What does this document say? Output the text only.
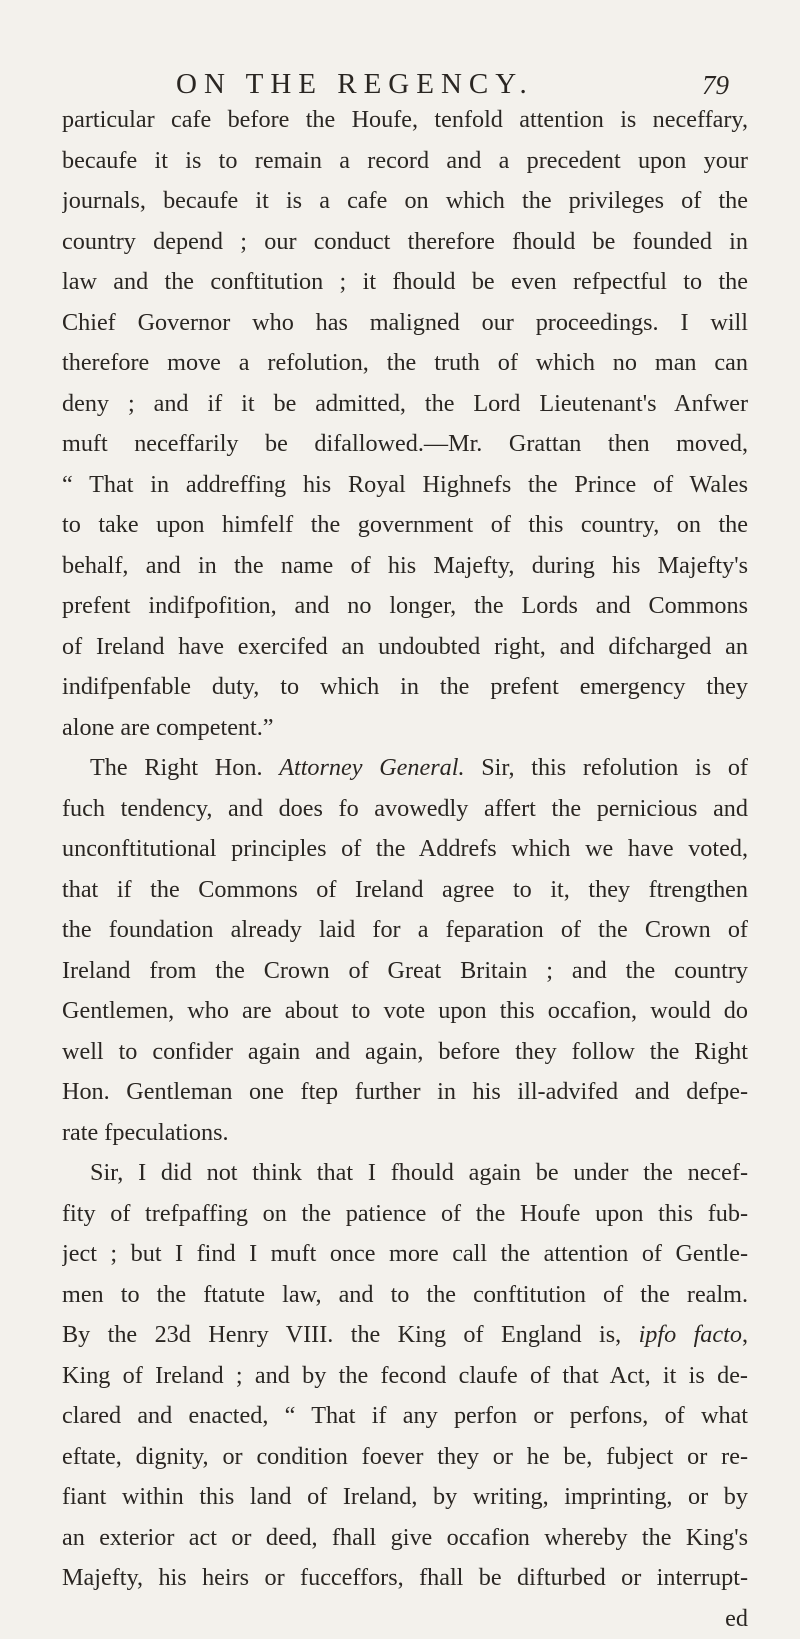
ON THE REGENCY.	79
particular cafe before the Houfe, tenfold attention is neceffary,
becaufe it is to remain a record and a precedent upon your
journals, becaufe it is a cafe on which the privileges of the
country depend ; our conduct therefore fhould be founded in
law and the conftitution ; it fhould be even refpectful to the
Chief Governor who has maligned our proceedings. I will
therefore move a refolution, the truth of which no man can
deny ; and if it be admitted, the Lord Lieutenant's Anfwer
muft neceffarily be difallowed.—Mr. Grattan then moved,
“ That in addreffing his Royal Highnefs the Prince of Wales
to take upon himfelf the government of this country, on the
behalf, and in the name of his Majefty, during his Majefty's
prefent indifpofition, and no longer, the Lords and Commons
of Ireland have exercifed an undoubted right, and difcharged an
indifpenfable duty, to which in the prefent emergency they
alone are competent.”
The Right Hon. Attorney General. Sir, this refolution is of
fuch tendency, and does fo avowedly affert the pernicious and
unconftitutional principles of the Addrefs which we have voted,
that if the Commons of Ireland agree to it, they ftrengthen
the foundation already laid for a feparation of the Crown of
Ireland from the Crown of Great Britain ; and the country
Gentlemen, who are about to vote upon this occafion, would do
well to confider again and again, before they follow the Right
Hon. Gentleman one ftep further in his ill-advifed and defpe-
rate fpeculations.
Sir, I did not think that I fhould again be under the necef-
fity of trefpaffing on the patience of the Houfe upon this fub-
ject ; but I find I muft once more call the attention of Gentle-
men to the ftatute law, and to the conftitution of the realm.
By the 23d Henry VIII. the King of England is, ipfo facto,
King of Ireland ; and by the fecond claufe of that Act, it is de-
clared and enacted, “ That if any perfon or perfons, of what
eftate, dignity, or condition foever they or he be, fubject or re-
fiant within this land of Ireland, by writing, imprinting, or by
an exterior act or deed, fhall give occafion whereby the King's
Majefty, his heirs or fucceffors, fhall be difturbed or interrupt-
ed
